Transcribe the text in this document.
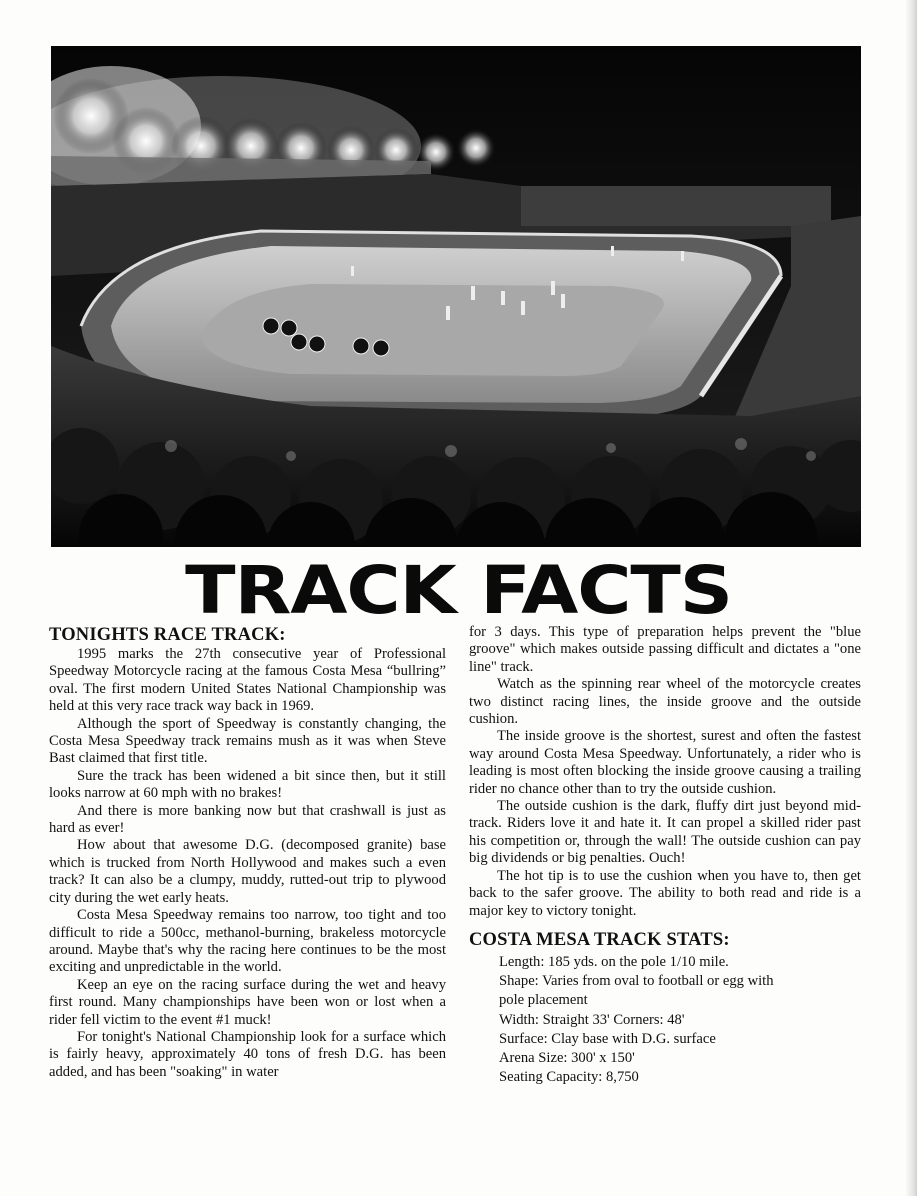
TRACK FACTS
TONIGHTS RACE TRACK:

1995 marks the 27th consecutive year of Professional Speedway Motorcycle racing at the famous Costa Mesa “bullring” oval. The first modern United States National Championship was held at this very race track way back in 1969.

Although the sport of Speedway is constantly changing, the Costa Mesa Speedway track remains mush as it was when Steve Bast claimed that first title.

Sure the track has been widened a bit since then, but it still looks narrow at 60 mph with no brakes!

And there is more banking now but that crashwall is just as hard as ever!

How about that awesome D.G. (decomposed granite) base which is trucked from North Hollywood and makes such a even track? It can also be a clumpy, muddy, rutted-out trip to plywood city during the wet early heats.

Costa Mesa Speedway remains too narrow, too tight and too difficult to ride a 500cc, methanol-burning, brakeless motorcycle around. Maybe that's why the racing here continues to be the most exciting and unpredictable in the world.

Keep an eye on the racing surface during the wet and heavy first round. Many championships have been won or lost when a rider fell victim to the event #1 muck!

For tonight's National Championship look for a surface which is fairly heavy, approximately 40 tons of fresh D.G. has been added, and has been "soaking" in water

for 3 days. This type of preparation helps prevent the "blue groove" which makes outside passing difficult and dictates a "one line" track.

Watch as the spinning rear wheel of the motorcycle creates two distinct racing lines, the inside groove and the outside cushion.

The inside groove is the shortest, surest and often the fastest way around Costa Mesa Speedway. Unfortunately, a rider who is leading is most often blocking the inside groove causing a trailing rider no chance other than to try the outside cushion.

The outside cushion is the dark, fluffy dirt just beyond mid-track. Riders love it and hate it. It can propel a skilled rider past his competition or, through the wall! The outside cushion can pay big dividends or big penalties. Ouch!

The hot tip is to use the cushion when you have to, then get back to the safer groove. The ability to both read and ride is a major key to victory tonight.

COSTA MESA TRACK STATS:
Length: 185 yds. on the pole 1/10 mile.
Shape: Varies from oval to football or egg with
pole placement
Width: Straight 33' Corners: 48'
Surface: Clay base with D.G. surface
Arena Size: 300' x 150'
Seating Capacity: 8,750
